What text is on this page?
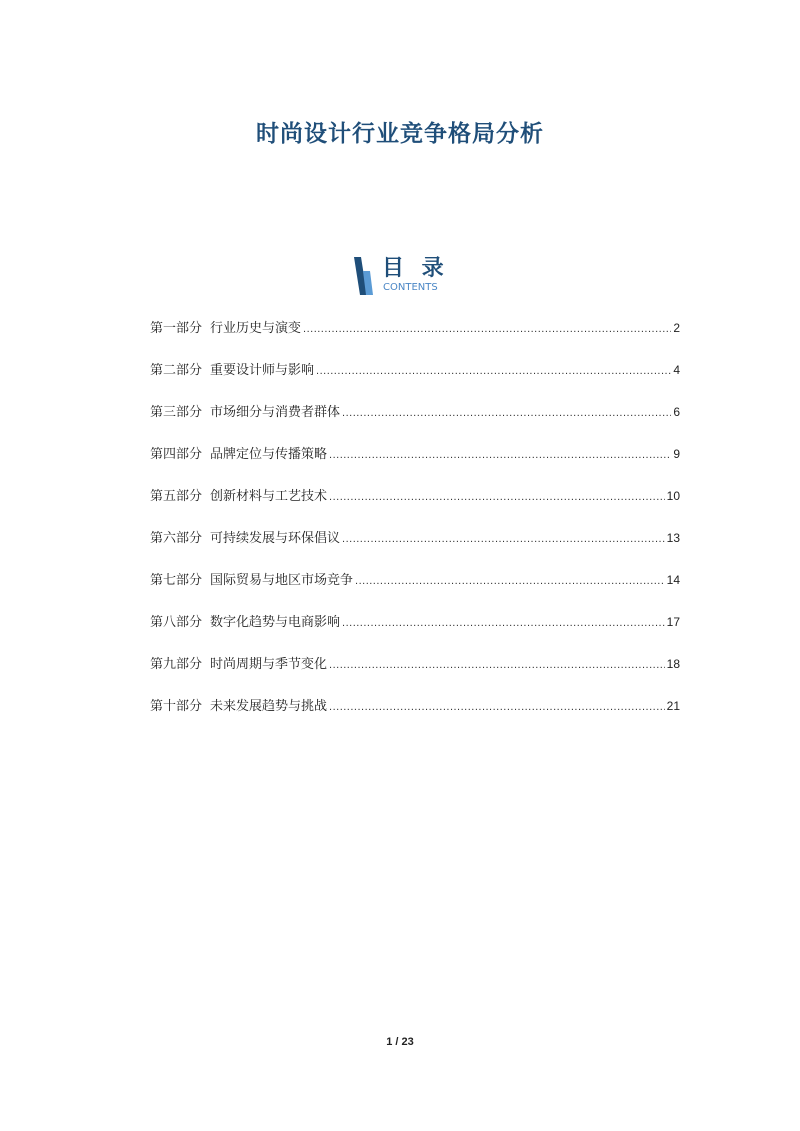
时尚设计行业竞争格局分析
目 录
CONTENTS
第一部分 行业历史与演变 .....	2
第二部分 重要设计师与影响 .....	4
第三部分 市场细分与消费者群体 .....	6
第四部分 品牌定位与传播策略 .....	9
第五部分 创新材料与工艺技术 .....	10
第六部分 可持续发展与环保倡议 .....	13
第七部分 国际贸易与地区市场竞争 .....	14
第八部分 数字化趋势与电商影响 .....	17
第九部分 时尚周期与季节变化 .....	18
第十部分 未来发展趋势与挑战 .....	21
1 / 23
